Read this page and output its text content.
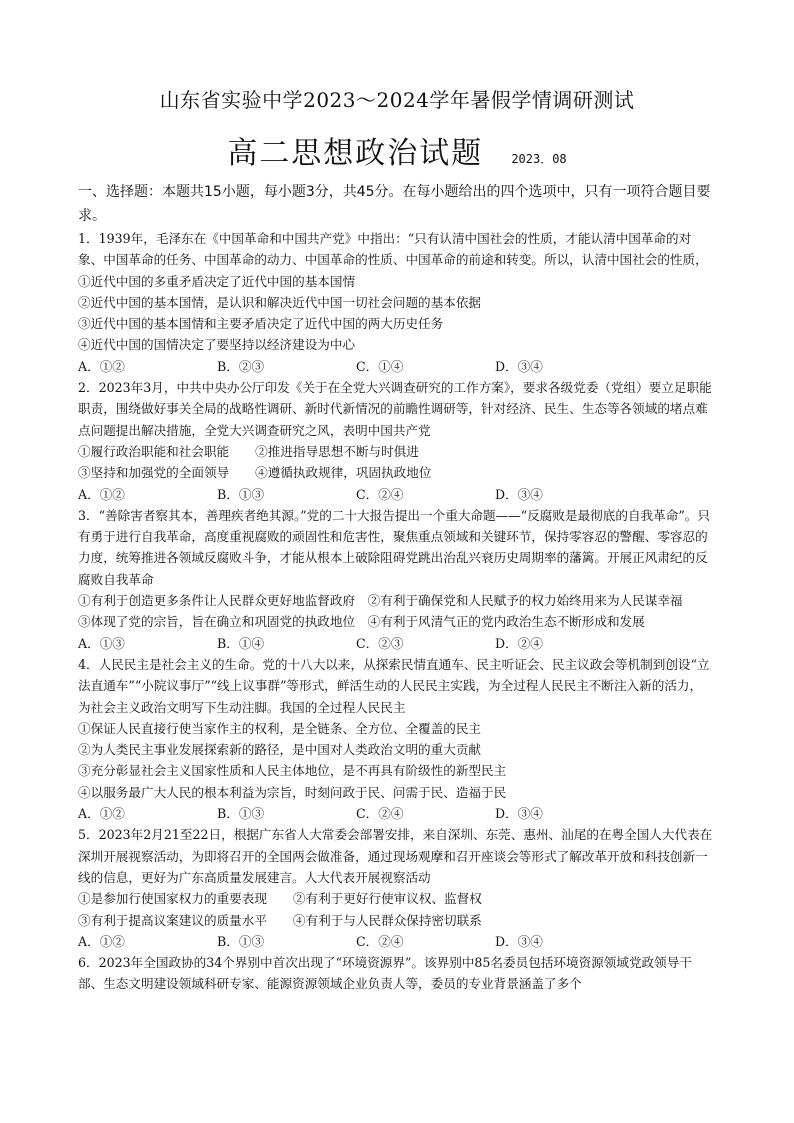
山东省实验中学2023～2024学年暑假学情调研测试
高二思想政治试题 2023．08
一、选择题：本题共15小题，每小题3分，共45分。在每小题给出的四个选项中，只有一项符合题目要求。

1．1939年，毛泽东在《中国革命和中国共产党》中指出：“只有认清中国社会的性质，才能认清中国革命的对象、中国革命的任务、中国革命的动力、中国革命的性质、中国革命的前途和转变。所以，认清中国社会的性质，

①近代中国的多重矛盾决定了近代中国的基本国情
②近代中国的基本国情，是认识和解决近代中国一切社会问题的基本依据
③近代中国的基本国情和主要矛盾决定了近代中国的两大历史任务
④近代中国的国情决定了要坚持以经济建设为中心
A．①②	B．②③	C．①④	D．③④

2．2023年3月，中共中央办公厅印发《关于在全党大兴调查研究的工作方案》，要求各级党委（党组）要立足职能职责，围绕做好事关全局的战略性调研、新时代新情况的前瞻性调研等，针对经济、民生、生态等各领域的堵点难点问题提出解决措施，全党大兴调查研究之风，表明中国共产党

①履行政治职能和社会职能 ②推进指导思想不断与时俱进
③坚持和加强党的全面领导 ④遵循执政规律，巩固执政地位
A．①②	B．①③	C．②④	D．③④

3．“善除害者察其本，善理疾者绝其源。”党的二十大报告提出一个重大命题——“反腐败是最彻底的自我革命”。只有勇于进行自我革命，高度重视腐败的顽固性和危害性，聚焦重点领域和关键环节，保持零容忍的警醒、零容忍的力度，统筹推进各领域反腐败斗争，才能从根本上破除阻碍党跳出治乱兴衰历史周期率的藩篱。开展正风肃纪的反腐败自我革命

①有利于创造更多条件让人民群众更好地监督政府　②有利于确保党和人民赋予的权力始终用来为人民谋幸福
③体现了党的宗旨，旨在确立和巩固党的执政地位　④有利于风清气正的党内政治生态不断形成和发展
A．①③	B．①④	C．②③	D．②④

4．人民民主是社会主义的生命。党的十八大以来，从探索民情直通车、民主听证会、民主议政会等机制到创设“立法直通车”“小院议事厅”“线上议事群”等形式，鲜活生动的人民民主实践，为全过程人民民主不断注入新的活力，为社会主义政治文明写下生动注脚。我国的全过程人民民主

①保证人民直接行使当家作主的权利，是全链条、全方位、全覆盖的民主
②为人类民主事业发展探索新的路径，是中国对人类政治文明的重大贡献
③充分彰显社会主义国家性质和人民主体地位，是不再具有阶级性的新型民主
④以服务最广大人民的根本利益为宗旨，时刻问政于民、问需于民、造福于民
A．①②	B．①③	C．②④	D．③④

5．2023年2月21至22日，根据广东省人大常委会部署安排，来自深圳、东莞、惠州、汕尾的在粤全国人大代表在深圳开展视察活动，为即将召开的全国两会做准备，通过现场观摩和召开座谈会等形式了解改革开放和科技创新一线的信息，更好为广东高质量发展建言。人大代表开展视察活动

①是参加行使国家权力的重要表现 ②有利于更好行使审议权、监督权
③有利于提高议案建议的质量水平 ④有利于与人民群众保持密切联系
A．①②	B．①③	C．②④	D．③④

6．2023年全国政协的34个界别中首次出现了“环境资源界”。该界别中85名委员包括环境资源领域党政领导干部、生态文明建设领域科研专家、能源资源领域企业负责人等，委员的专业背景涵盖了多个
